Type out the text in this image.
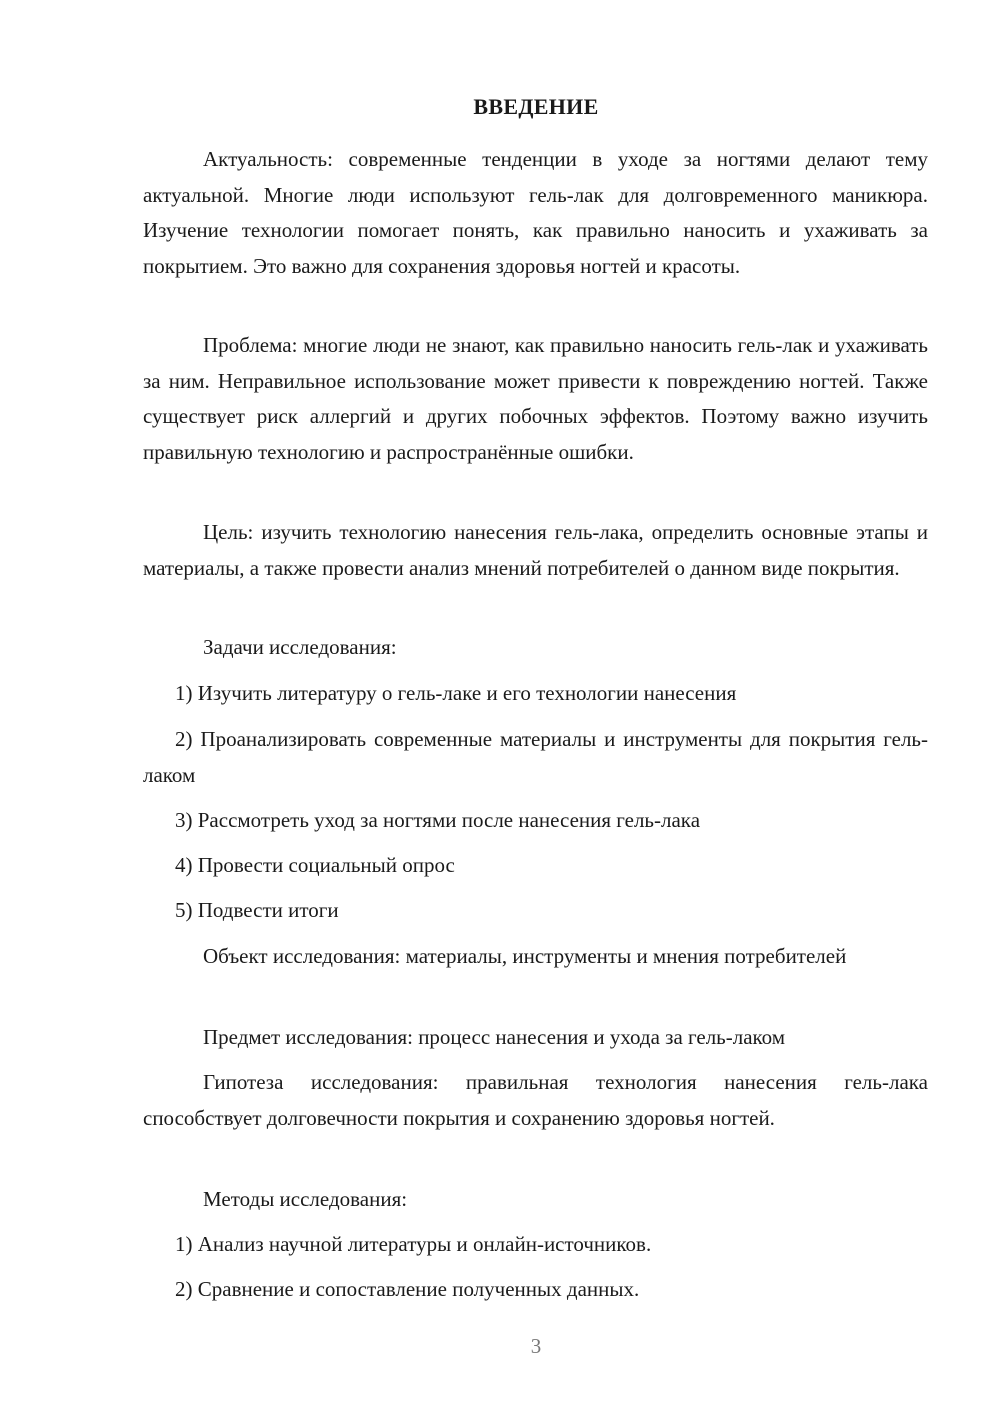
ВВЕДЕНИЕ

Актуальность: современные тенденции в уходе за ногтями делают тему актуальной. Многие люди используют гель-лак для долговременного маникюра. Изучение технологии помогает понять, как правильно наносить и ухаживать за покрытием. Это важно для сохранения здоровья ногтей и красоты.

Проблема: многие люди не знают, как правильно наносить гель-лак и ухаживать за ним. Неправильное использование может привести к повреждению ногтей. Также существует риск аллергий и других побочных эффектов. Поэтому важно изучить правильную технологию и распространённые ошибки.

Цель: изучить технологию нанесения гель-лака, определить основные этапы и материалы, а также провести анализ мнений потребителей о данном виде покрытия.

Задачи исследования:

1) Изучить литературу о гель-лаке и его технологии нанесения

2) Проанализировать современные материалы и инструменты для покрытия гель-лаком

3) Рассмотреть уход за ногтями после нанесения гель-лака

4) Провести социальный опрос

5) Подвести итоги

Объект исследования: материалы, инструменты и мнения потребителей

Предмет исследования: процесс нанесения и ухода за гель-лаком

Гипотеза исследования: правильная технология нанесения гель-лака способствует долговечности покрытия и сохранению здоровья ногтей.

Методы исследования:

1) Анализ научной литературы и онлайн-источников.

2) Сравнение и сопоставление полученных данных.

3
